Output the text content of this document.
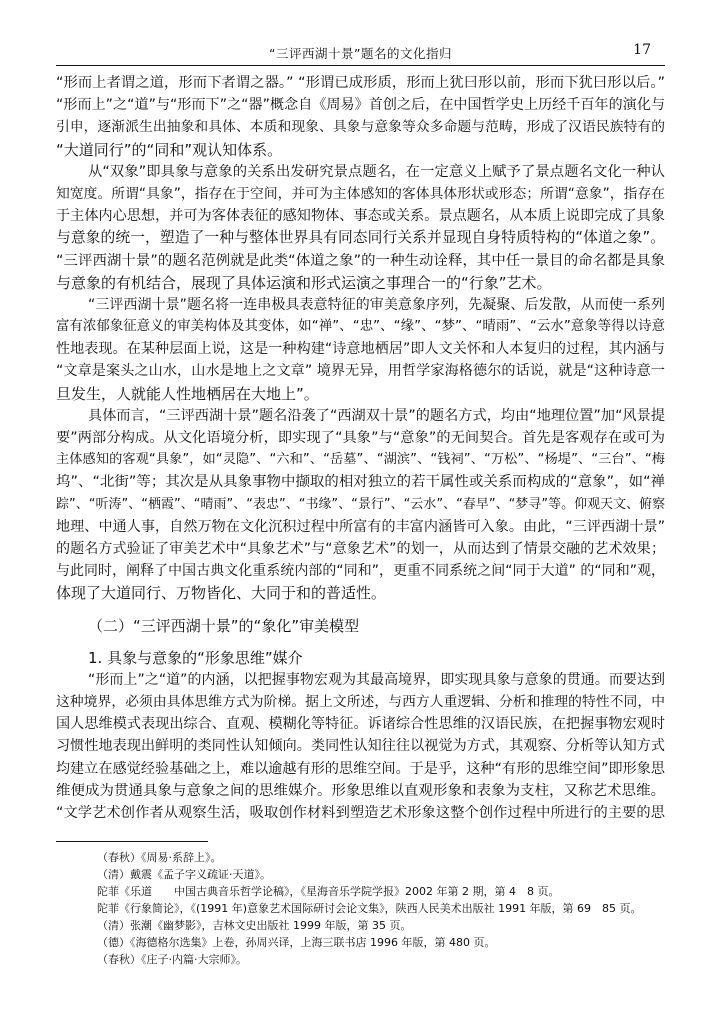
“三评西湖十景”题名的文化指归	17
“形而上者谓之道，形而下者谓之器。” “形谓已成形质，形而上犹曰形以前，形而下犹曰形以后。”
“形而上”之“道”与“形而下”之“器”概念自《周易》首创之后，在中国哲学史上历经千百年的演化与
引申，逐渐派生出抽象和具体、本质和现象、具象与意象等众多命题与范畴，形成了汉语民族特有的
“大道同行”的“同和”观认知体系。
从“双象”即具象与意象的关系出发研究景点题名，在一定意义上赋予了景点题名文化一种认
知宽度。所谓“具象”，指存在于空间，并可为主体感知的客体具体形状或形态；所谓“意象”，指存在
于主体内心思想，并可为客体表征的感知物体、事态或关系。景点题名，从本质上说即完成了具象
与意象的统一，塑造了一种与整体世界具有同态同行关系并显现自身特质特构的“体道之象”。
“三评西湖十景”的题名范例就是此类“体道之象”的一种生动诠释，其中任一景目的命名都是具象
与意象的有机结合，展现了具体运演和形式运演之事理合一的“行象”艺术。
“三评西湖十景”题名将一连串极具表意特征的审美意象序列，先凝聚、后发散，从而使一系列
富有浓郁象征意义的审美构体及其变体，如“禅”、“忠”、“缘”、“梦”、“晴雨”、“云水”意象等得以诗意
性地表现。在某种层面上说，这是一种构建“诗意地栖居”即人文关怀和人本复归的过程，其内涵与
“文章是案头之山水，山水是地上之文章” 境界无异，用哲学家海格德尔的话说，就是“这种诗意一
旦发生，人就能人性地栖居在大地上”。
具体而言，“三评西湖十景”题名沿袭了“西湖双十景”的题名方式，均由“地理位置”加“风景提
要”两部分构成。从文化语境分析，即实现了“具象”与“意象”的无间契合。首先是客观存在或可为
主体感知的客观“具象”，如“灵隐”、“六和”、“岳墓”、“湖滨”、“钱祠”、“万松”、“杨堤”、“三台”、“梅
坞”、“北街”等；其次是从具象事物中撷取的相对独立的若干属性或关系而构成的“意象”，如“禅
踪”、“听涛”、“栖霞”、“晴雨”、“表忠”、“书缘”、“景行”、“云水”、“春早”、“梦寻”等。仰观天文、俯察
地理、中通人事，自然万物在文化沉积过程中所富有的丰富内涵皆可入象。由此，“三评西湖十景”
的题名方式验证了审美艺术中“具象艺术”与“意象艺术”的划一，从而达到了情景交融的艺术效果；
与此同时，阐释了中国古典文化重系统内部的“同和”，更重不同系统之间“同于大道” 的“同和”观，
体现了大道同行、万物皆化、大同于和的普适性。
（二）“三评西湖十景”的“象化”审美模型
1. 具象与意象的“形象思维”媒介
“形而上”之“道”的内涵，以把握事物宏观为其最高境界，即实现具象与意象的贯通。而要达到
这种境界，必须由具体思维方式为阶梯。据上文所述，与西方人重逻辑、分析和推理的特性不同，中
国人思维模式表现出综合、直观、模糊化等特征。诉诸综合性思维的汉语民族，在把握事物宏观时
习惯性地表现出鲜明的类同性认知倾向。类同性认知往往以视觉为方式，其观察、分析等认知方式
均建立在感觉经验基础之上，难以逾越有形的思维空间。于是乎，这种“有形的思维空间”即形象思
维便成为贯通具象与意象之间的思维媒介。形象思维以直观形象和表象为支柱，又称艺术思维。
“文学艺术创作者从观察生活，吸取创作材料到塑造艺术形象这整个创作过程中所进行的主要的思
（春秋）《周易·系辞上》。
（清）戴震《孟子字义疏证·天道》。
陀菲《乐道　　中国古典音乐哲学论稿》，《星海音乐学院学报》2002 年第 2 期，第 4　8 页。
陀菲《行象简论》，《(1991 年)意象艺术国际研讨会论文集》，陕西人民美术出版社 1991 年版，第 69　85 页。
（清）张潮《幽梦影》，吉林文史出版社 1999 年版，第 35 页。
（德）《海德格尔选集》上卷，孙周兴译，上海三联书店 1996 年版，第 480 页。
（春秋）《庄子·内篇·大宗师》。
